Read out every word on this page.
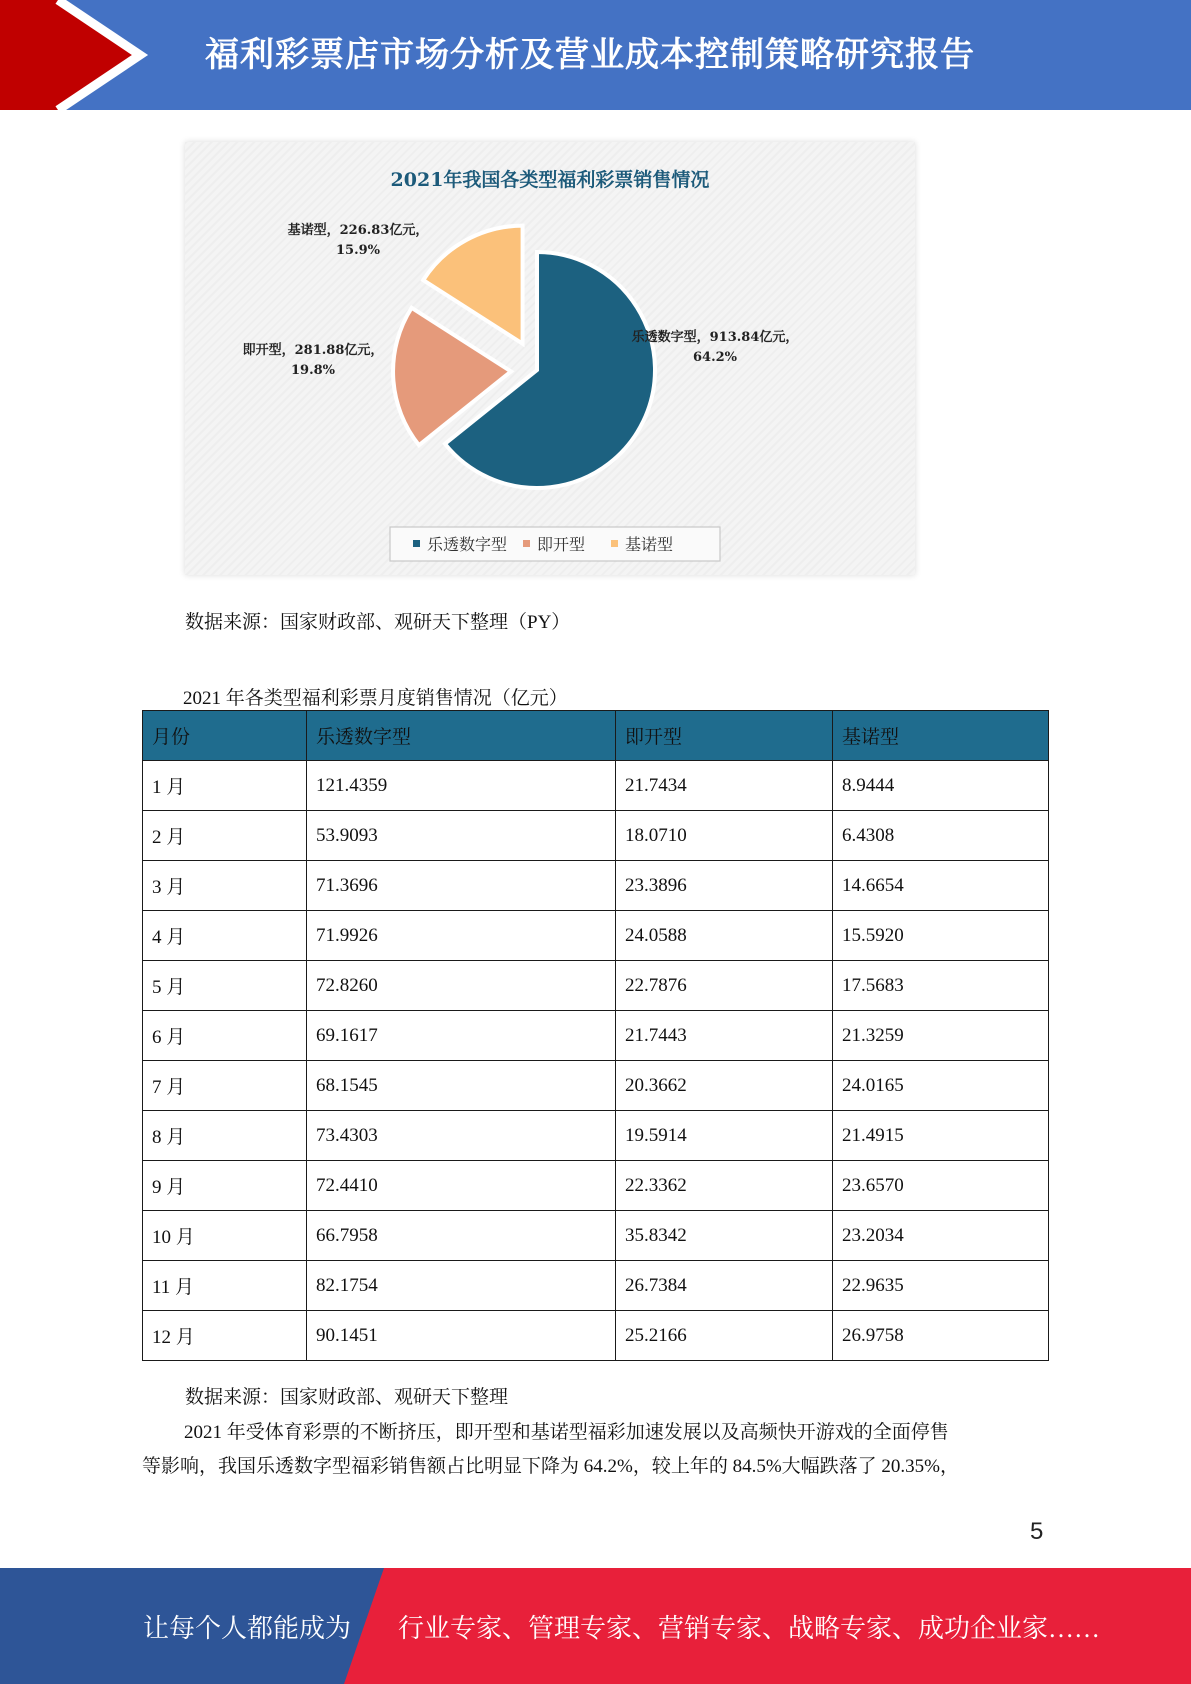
福利彩票店市场分析及营业成本控制策略研究报告
2021年我国各类型福利彩票销售情况
乐透数字型，913.84亿元，
64.2%
即开型，281.88亿元，
19.8%
基诺型，226.83亿元，
15.9%
乐透数字型 即开型 基诺型
数据来源：国家财政部、观研天下整理（PY）
2021 年各类型福利彩票月度销售情况（亿元）
月份	乐透数字型	即开型	基诺型
1 月	121.4359	21.7434	8.9444
2 月	53.9093	18.0710	6.4308
3 月	71.3696	23.3896	14.6654
4 月	71.9926	24.0588	15.5920
5 月	72.8260	22.7876	17.5683
6 月	69.1617	21.7443	21.3259
7 月	68.1545	20.3662	24.0165
8 月	73.4303	19.5914	21.4915
9 月	72.4410	22.3362	23.6570
10 月	66.7958	35.8342	23.2034
11 月	82.1754	26.7384	22.9635
12 月	90.1451	25.2166	26.9758
数据来源：国家财政部、观研天下整理
2021 年受体育彩票的不断挤压，即开型和基诺型福彩加速发展以及高频快开游戏的全面停售
等影响，我国乐透数字型福彩销售额占比明显下降为 64.2%，较上年的 84.5%大幅跌落了 20.35%，
5
让每个人都能成为 行业专家、管理专家、营销专家、战略专家、成功企业家……
